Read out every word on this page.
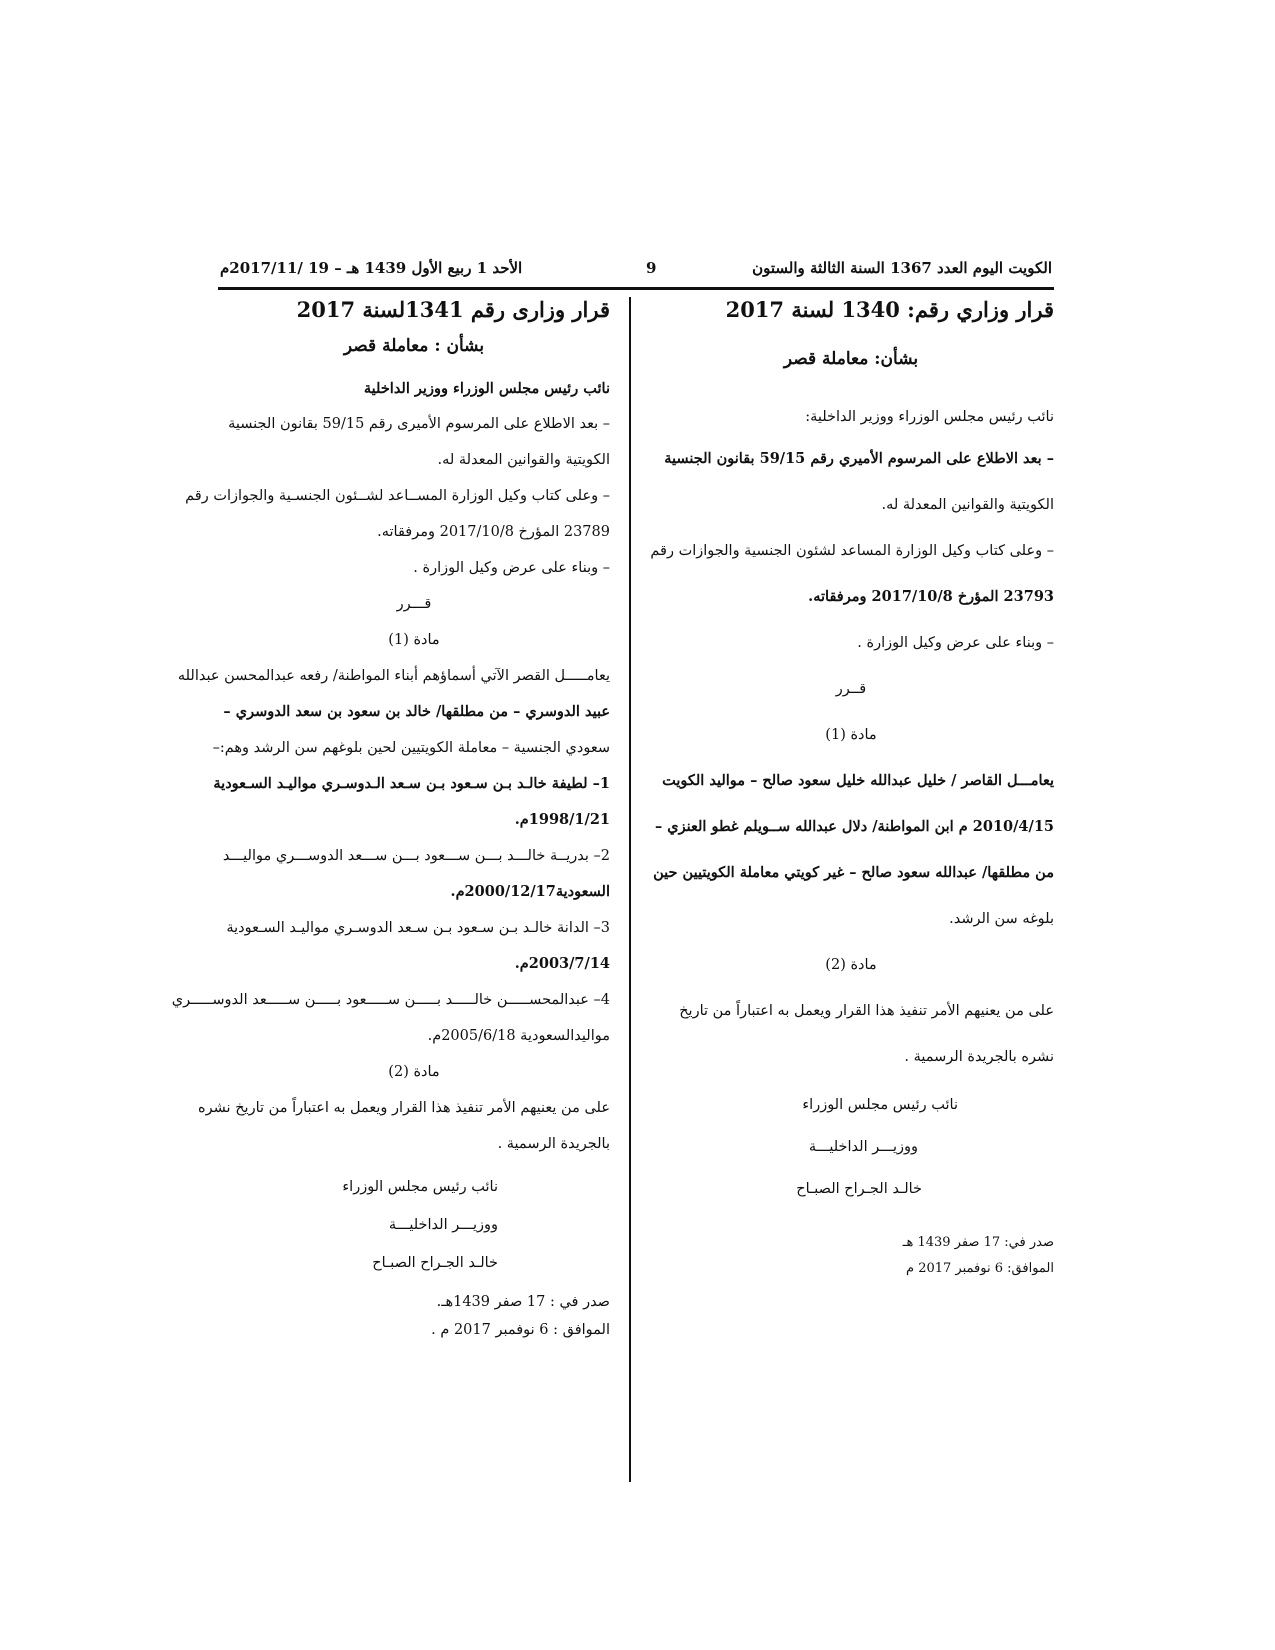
الكويت اليوم العدد 1367 السنة الثالثة والستون
9
الأحد 1 ربيع الأول 1439 هـ – 19 /2017/11م

قرار وزاري رقم: 1340 لسنة 2017

بشأن: معاملة قصر

نائب رئيس مجلس الوزراء ووزير الداخلية:

– بعد الاطلاع على المرسوم الأميري رقم 59/15 بقانون الجنسية

الكويتية والقوانين المعدلة له.

– وعلى كتاب وكيل الوزارة المساعد لشئون الجنسية والجوازات رقم

23793 المؤرخ 2017/10/8 ومرفقاته.

– وبناء على عرض وكيل الوزارة .

قــرر

مادة (1)

يعامـــل القاصر / خليل عبدالله خليل سعود صالح – مواليد الكويت

2010/4/15 م ابن المواطنة/ دلال عبدالله ســويلم غطو العنزي –

من مطلقها/ عبدالله سعود صالح – غير كويتي معاملة الكويتيين حين

بلوغه سن الرشد.

مادة (2)

على من يعنيهم الأمر تنفيذ هذا القرار ويعمل به اعتباراً من تاريخ

نشره بالجريدة الرسمية .

نائب رئيس مجلس الوزراء

ووزيـــر الداخليـــة

خالـد الجـراح الصبـاح

صدر في: 17 صفر 1439 هـ

الموافق: 6 نوفمبر 2017 م

قرار وزارى رقم 1341لسنة 2017

بشأن : معاملة قصر

نائب رئيس مجلس الوزراء ووزير الداخلية

– بعد الاطلاع على المرسوم الأميرى رقم 59/15 بقانون الجنسية

الكويتية والقوانين المعدلة له.

– وعلى كتاب وكيل الوزارة المســاعد لشــئون الجنسـية والجوازات رقم

23789 المؤرخ 2017/10/8 ومرفقاته.

– وبناء على عرض وكيل الوزارة .

قـــرر

مادة (1)

يعامـــــل القصر الآتي أسماؤهم أبناء المواطنة/ رفعه عبدالمحسن عبدالله

عبيد الدوسري – من مطلقها/ خالد بن سعود بن سعد الدوسري –

سعودي الجنسية – معاملة الكويتيين لحين بلوغهم سن الرشد وهم:–

1– لطيفة خالـد بـن سـعود بـن سـعد الـدوسـري مواليـد السـعودية

1998/1/21م.

2– بدريــة خالـــد بـــن ســـعود بـــن ســـعد الدوســـري مواليـــد

السعودية2000/12/17م.

3– الدانة خالـد بـن سـعود بـن سـعد الدوسـري مواليـد السـعودية

2003/7/14م.

4– عبدالمحســـــن خالـــــد بـــــن ســـــعود بـــــن ســـــعد الدوســـــري

مواليدالسعودية 2005/6/18م.

مادة (2)

على من يعنيهم الأمر تنفيذ هذا القرار ويعمل به اعتباراً من تاريخ نشره

بالجريدة الرسمية .

نائب رئيس مجلس الوزراء

ووزيـــر الداخليـــة

خالـد الجـراح الصبـاح

صدر في : 17 صفر 1439هـ.

الموافق : 6 نوفمبر 2017 م .
